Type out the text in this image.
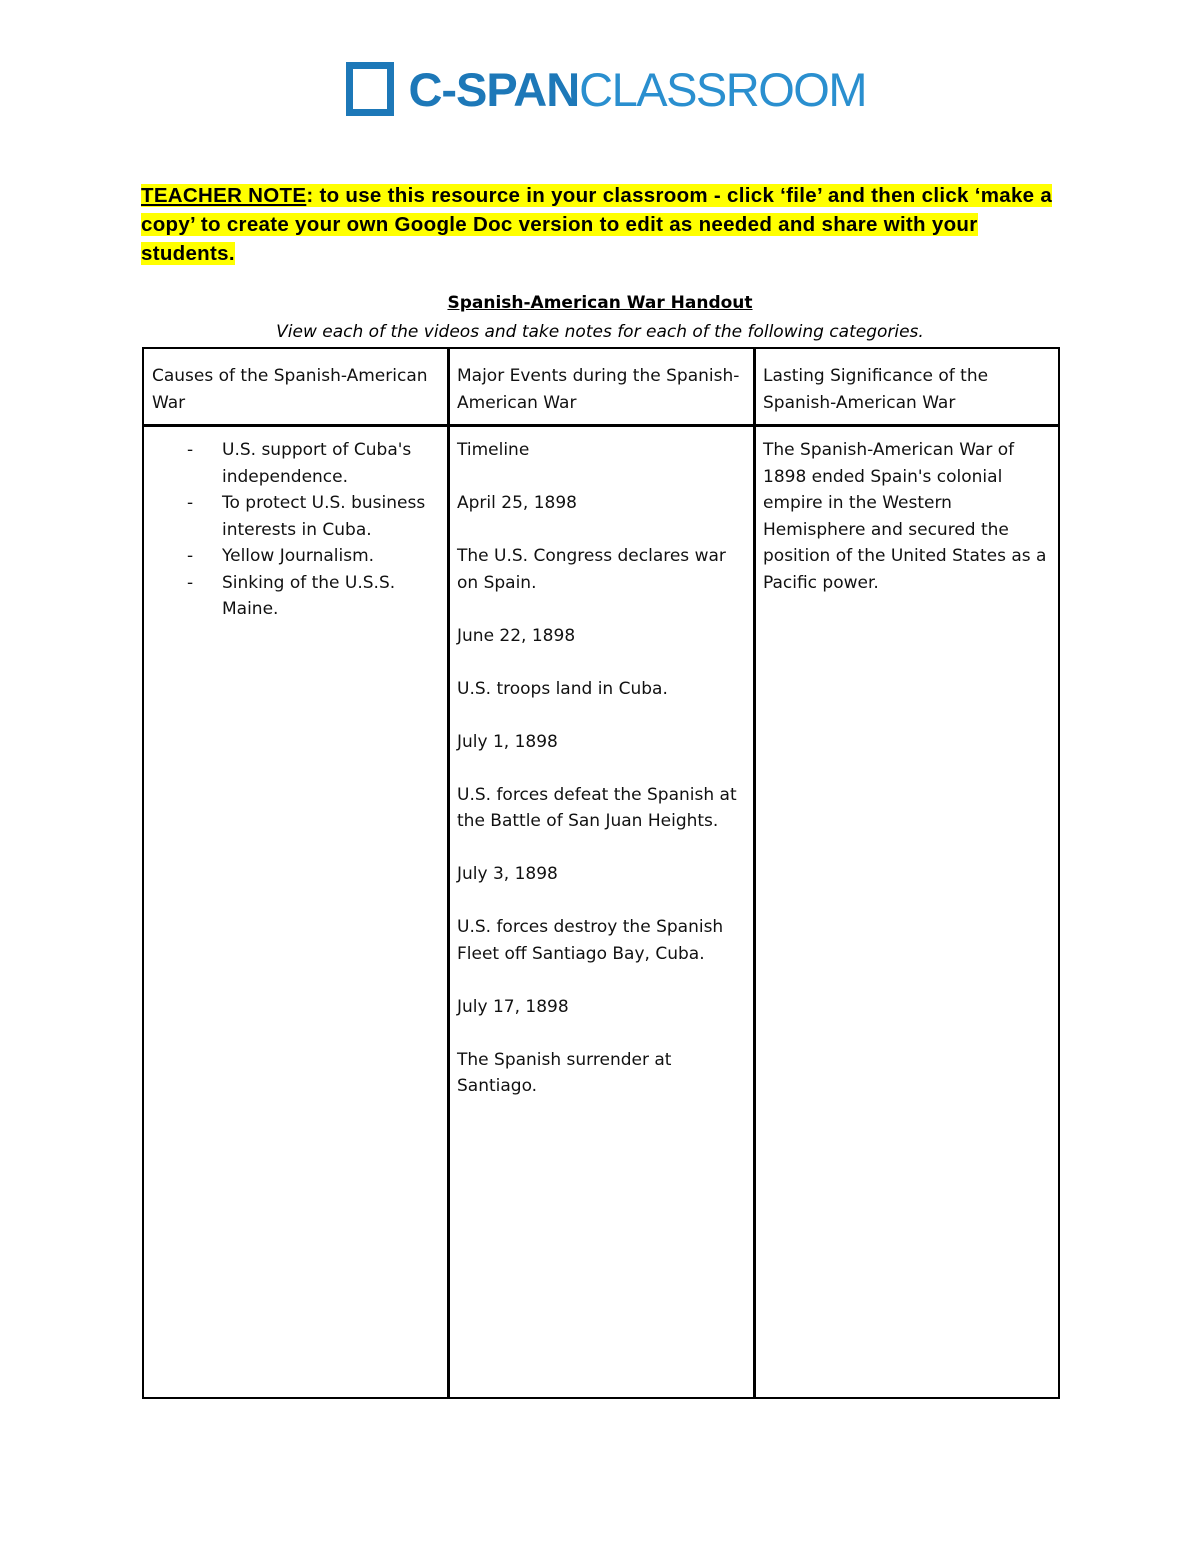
C-SPANCLASSROOM
TEACHER NOTE: to use this resource in your classroom - click ‘file’ and then click ‘make a copy’ to create your own Google Doc version to edit as needed and share with your students.
Spanish-American War Handout
View each of the videos and take notes for each of the following categories.
Causes of the Spanish-American War
Major Events during the Spanish-American War
Lasting Significance of the Spanish-American War
- U.S. support of Cuba's independence.
- To protect U.S. business interests in Cuba.
- Yellow Journalism.
- Sinking of the U.S.S. Maine.
Timeline
April 25, 1898
The U.S. Congress declares war on Spain.
June 22, 1898
U.S. troops land in Cuba.
July 1, 1898
U.S. forces defeat the Spanish at the Battle of San Juan Heights.
July 3, 1898
U.S. forces destroy the Spanish Fleet off Santiago Bay, Cuba.
July 17, 1898
The Spanish surrender at Santiago.
The Spanish-American War of 1898 ended Spain's colonial empire in the Western Hemisphere and secured the position of the United States as a Pacific power.
